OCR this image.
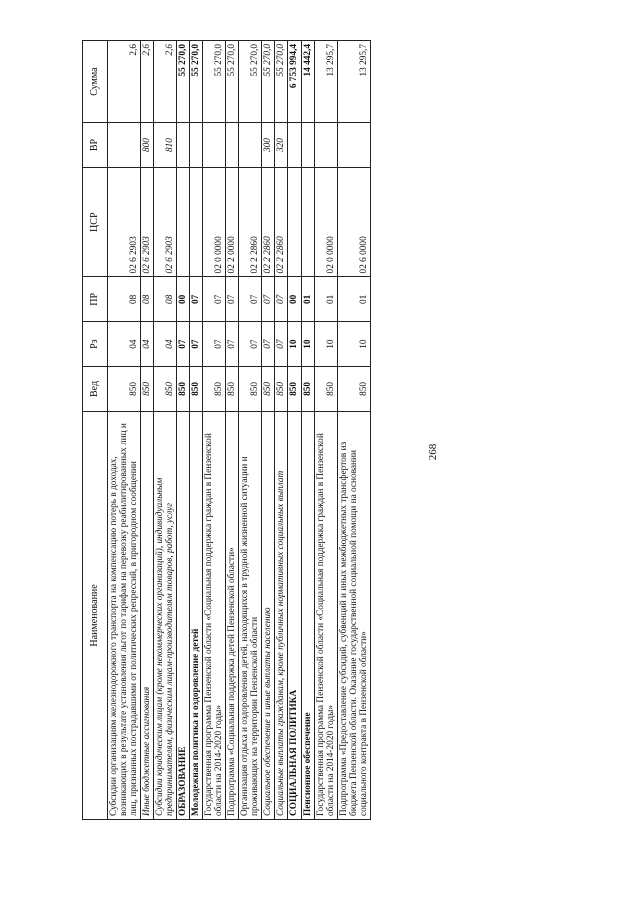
268
Наименование	Вед	Рз	ПР	ЦСР	ВР	Сумма
Субсидии организациям железнодорожного транспорта на компенсацию потерь в доходах, возникающих в результате установления льгот по тарифам на перевозку реабилитированных лиц и лиц, признанных пострадавшими от политических репрессий, в пригородном сообщении	850	04	08	02 6 2903		2,6
Иные бюджетные ассигнования	850	04	08	02 6 2903	800	2,6
Субсидии юридическим лицам (кроме некоммерческих организаций), индивидуальным предпринимателям, физическим лицам-производителям товаров, работ, услуг	850	04	08	02 6 2903	810	2,6
ОБРАЗОВАНИЕ	850	07	00			55 270,0
Молодежная политика и оздоровление детей	850	07	07			55 270,0
Государственная программа Пензенской области «Социальная поддержка граждан в Пензенской области на 2014-2020 годы»	850	07	07	02 0 0000		55 270,0
Подпрограмма «Социальная поддержка детей Пензенской области»	850	07	07	02 2 0000		55 270,0
Организация отдыха и оздоровления детей, находящихся в трудной жизненной ситуации и проживающих на территории Пензенской области	850	07	07	02 2 2860		55 270,0
Социальное обеспечение и иные выплаты населению	850	07	07	02 2 2860	300	55 270,0
Социальные выплаты гражданам, кроме публичных нормативных социальных выплат	850	07	07	02 2 2860	320	55 270,0
СОЦИАЛЬНАЯ ПОЛИТИКА	850	10	00			6 753 994,4
Пенсионное обеспечение	850	10	01			14 442,4
Государственная программа Пензенской области «Социальная поддержка граждан в Пензенской области на 2014-2020 годы»	850	10	01	02 0 0000		13 295,7
Подпрограмма «Предоставление субсидий, субвенций и иных межбюджетных трансфертов из бюджета Пензенской области. Оказание государственной социальной помощи на основании социального контракта в Пензенской области»	850	10	01	02 6 0000		13 295,7
